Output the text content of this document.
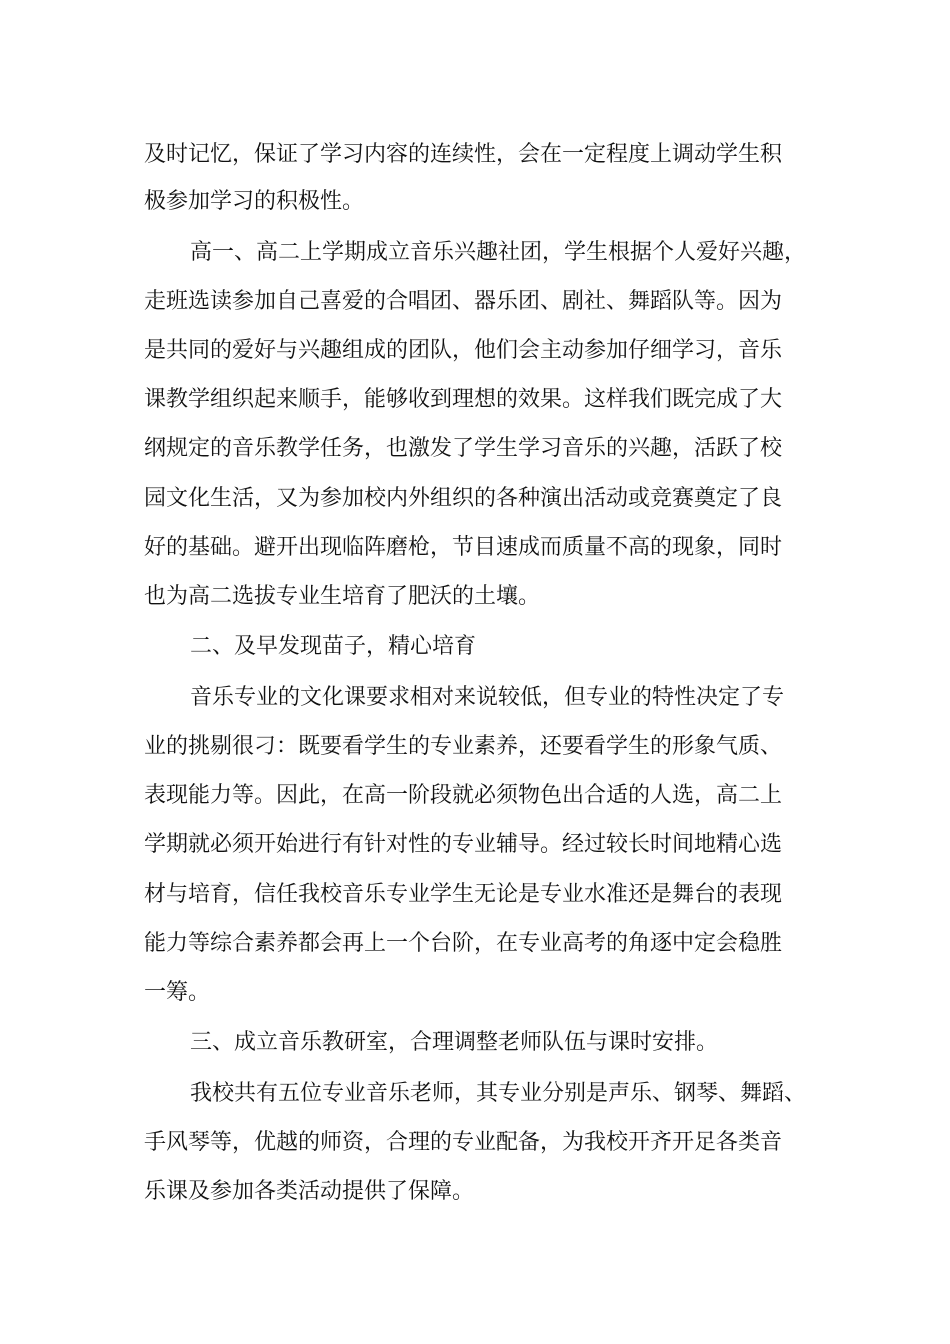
及时记忆，保证了学习内容的连续性，会在一定程度上调动学生积

极参加学习的积极性。

高一、高二上学期成立音乐兴趣社团，学生根据个人爱好兴趣，

走班选读参加自己喜爱的合唱团、器乐团、剧社、舞蹈队等。因为

是共同的爱好与兴趣组成的团队，他们会主动参加仔细学习，音乐

课教学组织起来顺手，能够收到理想的效果。这样我们既完成了大

纲规定的音乐教学任务，也激发了学生学习音乐的兴趣，活跃了校

园文化生活，又为参加校内外组织的各种演出活动或竞赛奠定了良

好的基础。避开出现临阵磨枪，节目速成而质量不高的现象，同时

也为高二选拔专业生培育了肥沃的土壤。

二、及早发现苗子，精心培育

音乐专业的文化课要求相对来说较低，但专业的特性决定了专

业的挑剔很刁：既要看学生的专业素养，还要看学生的形象气质、

表现能力等。因此，在高一阶段就必须物色出合适的人选，高二上

学期就必须开始进行有针对性的专业辅导。经过较长时间地精心选

材与培育，信任我校音乐专业学生无论是专业水准还是舞台的表现

能力等综合素养都会再上一个台阶，在专业高考的角逐中定会稳胜

一筹。

三、成立音乐教研室，合理调整老师队伍与课时安排。

我校共有五位专业音乐老师，其专业分别是声乐、钢琴、舞蹈、

手风琴等，优越的师资，合理的专业配备，为我校开齐开足各类音

乐课及参加各类活动提供了保障。
